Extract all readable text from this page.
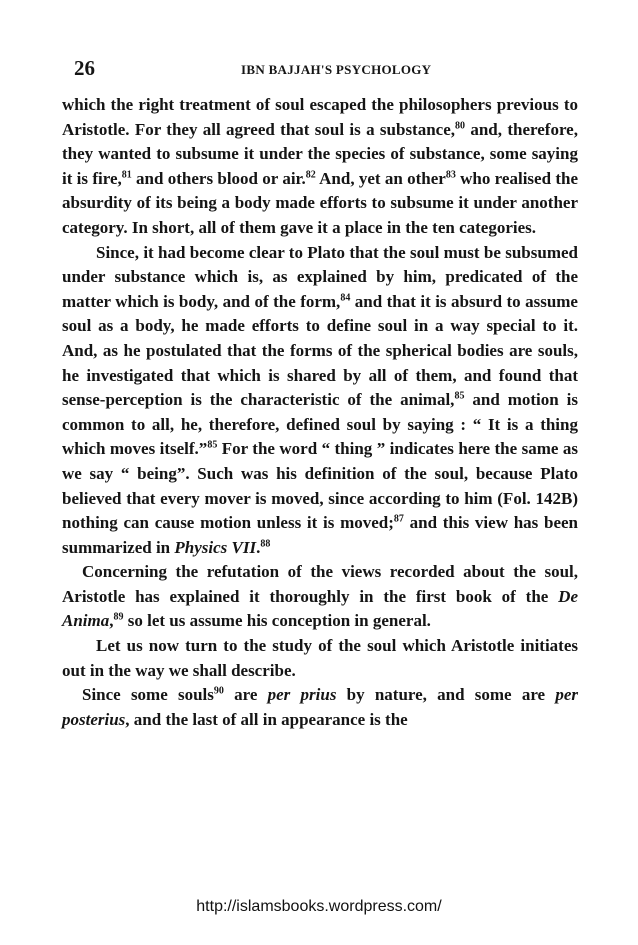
26	IBN BAJJAH'S PSYCHOLOGY

which the right treatment of soul escaped the philosophers previous to Aristotle. For they all agreed that soul is a substance,$^{80}$ and, therefore, they wanted to subsume it under the species of substance, some saying it is fire,$^{81}$ and others blood or air.$^{82}$ And, yet an other$^{83}$ who realised the absurdity of its being a body made efforts to subsume it under another category. In short, all of them gave it a place in the ten categories.

Since, it had become clear to Plato that the soul must be subsumed under substance which is, as explained by him, predicated of the matter which is body, and of the form,$^{84}$ and that it is absurd to assume soul as a body, he made efforts to define soul in a way special to it. And, as he postulated that the forms of the spherical bodies are souls, he investigated that which is shared by all of them, and found that sense-perception is the characteristic of the animal,$^{85}$ and motion is common to all, he, therefore, defined soul by saying : “ It is a thing which moves itself.”$^{85}$ For the word “ thing ” indicates here the same as we say “ being”. Such was his definition of the soul, because Plato believed that every mover is moved, since according to him (Fol. 142B) nothing can cause motion unless it is moved;$^{87}$ and this view has been summarized in Physics VII.$^{88}$

Concerning the refutation of the views recorded about the soul, Aristotle has explained it thoroughly in the first book of the De Anima,$^{89}$ so let us assume his conception in general.

Let us now turn to the study of the soul which Aristotle initiates out in the way we shall describe.

Since some souls$^{90}$ are per prius by nature, and some are per posterius, and the last of all in appearance is the

http://islamsbooks.wordpress.com/
